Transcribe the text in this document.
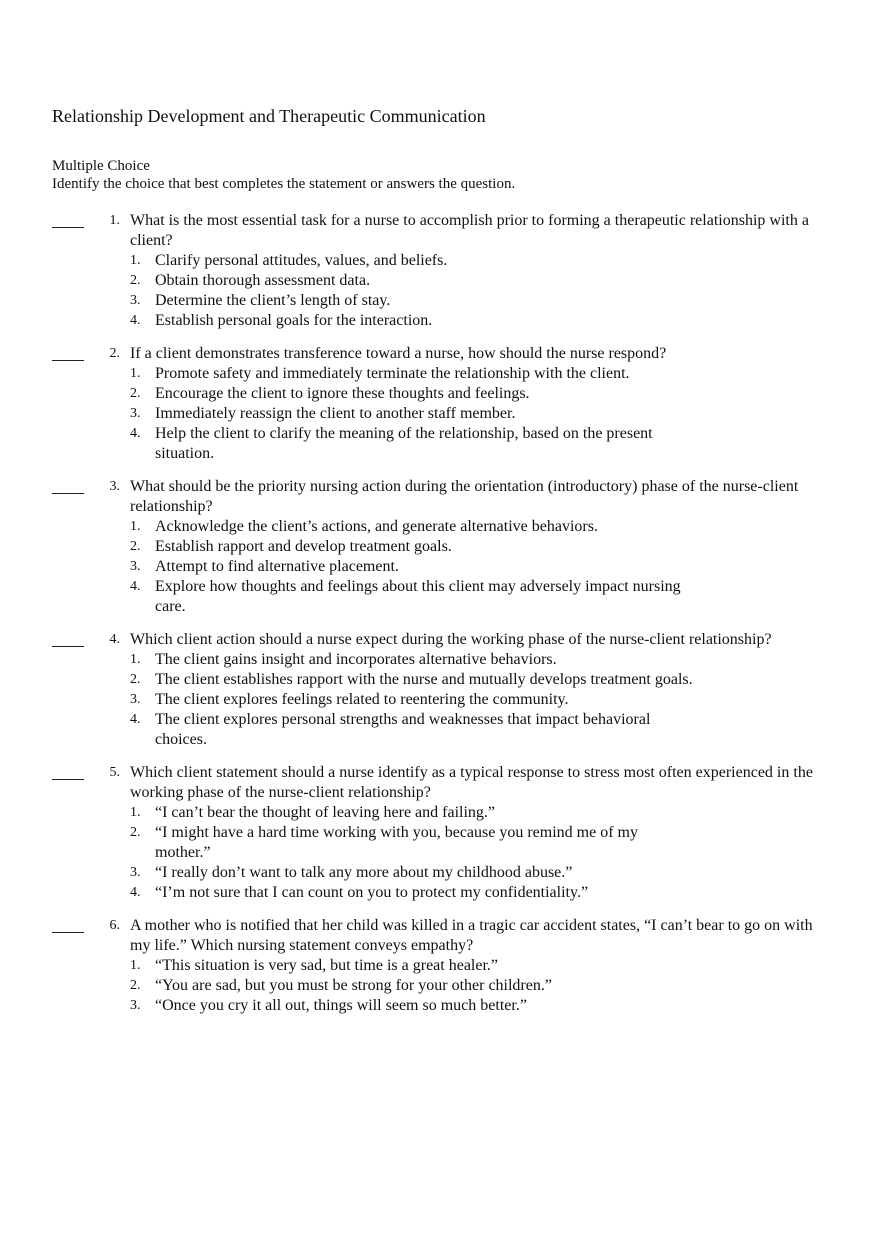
Relationship Development and Therapeutic Communication
Multiple Choice
Identify the choice that best completes the statement or answers the question.
1. What is the most essential task for a nurse to accomplish prior to forming a therapeutic relationship with a client?
1. Clarify personal attitudes, values, and beliefs.
2. Obtain thorough assessment data.
3. Determine the client’s length of stay.
4. Establish personal goals for the interaction.
2. If a client demonstrates transference toward a nurse, how should the nurse respond?
1. Promote safety and immediately terminate the relationship with the client.
2. Encourage the client to ignore these thoughts and feelings.
3. Immediately reassign the client to another staff member.
4. Help the client to clarify the meaning of the relationship, based on the present situation.
3. What should be the priority nursing action during the orientation (introductory) phase of the nurse-client relationship?
1. Acknowledge the client’s actions, and generate alternative behaviors.
2. Establish rapport and develop treatment goals.
3. Attempt to find alternative placement.
4. Explore how thoughts and feelings about this client may adversely impact nursing care.
4. Which client action should a nurse expect during the working phase of the nurse-client relationship?
1. The client gains insight and incorporates alternative behaviors.
2. The client establishes rapport with the nurse and mutually develops treatment goals.
3. The client explores feelings related to reentering the community.
4. The client explores personal strengths and weaknesses that impact behavioral choices.
5. Which client statement should a nurse identify as a typical response to stress most often experienced in the working phase of the nurse-client relationship?
1. “I can’t bear the thought of leaving here and failing.”
2. “I might have a hard time working with you, because you remind me of my mother.”
3. “I really don’t want to talk any more about my childhood abuse.”
4. “I’m not sure that I can count on you to protect my confidentiality.”
6. A mother who is notified that her child was killed in a tragic car accident states, “I can’t bear to go on with my life.” Which nursing statement conveys empathy?
1. “This situation is very sad, but time is a great healer.”
2. “You are sad, but you must be strong for your other children.”
3. “Once you cry it all out, things will seem so much better.”
